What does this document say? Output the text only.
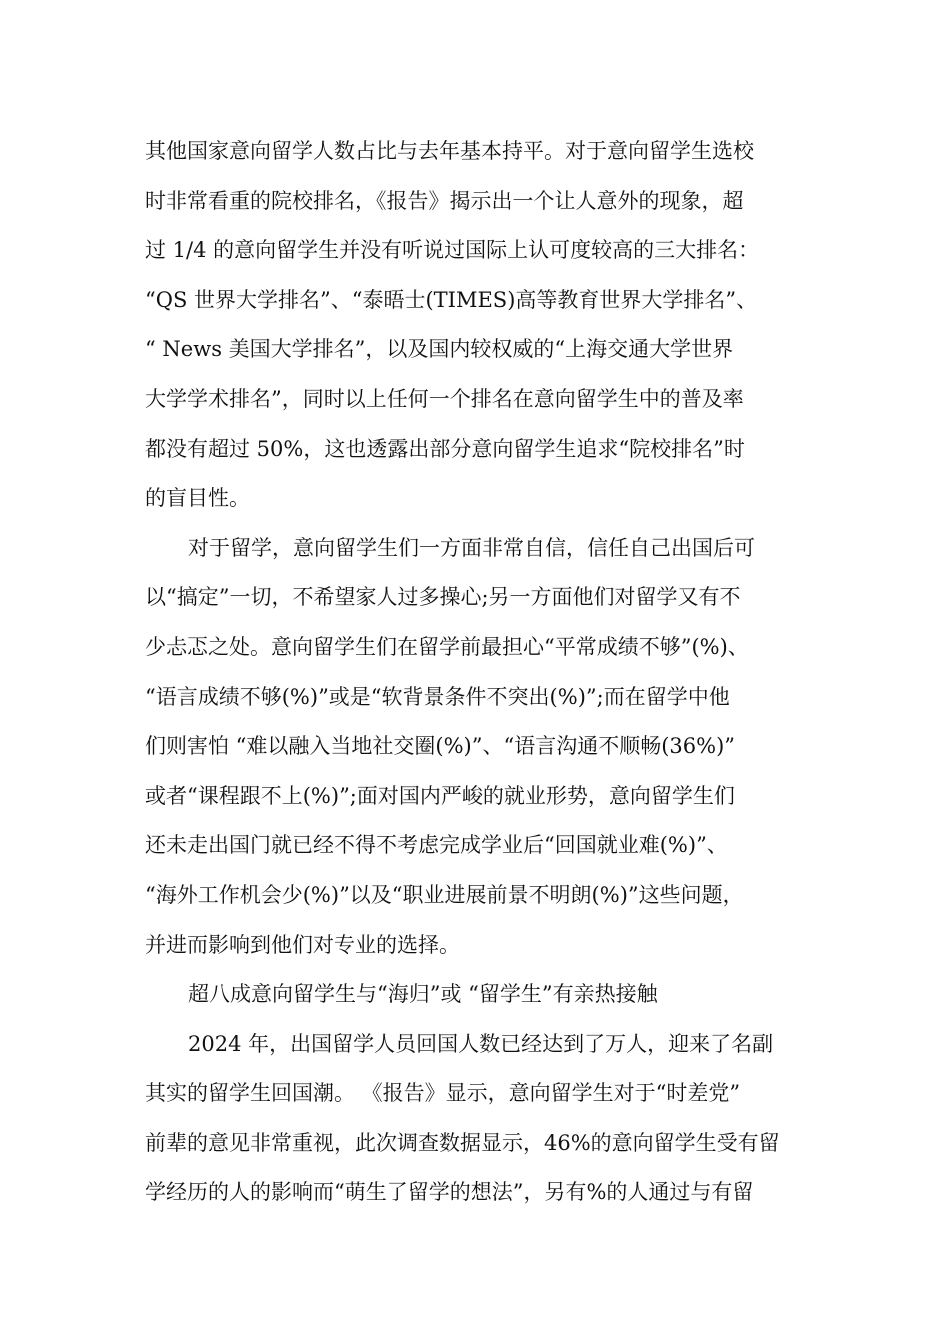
其他国家意向留学人数占比与去年基本持平。对于意向留学生选校
时非常看重的院校排名，《报告》揭示出一个让人意外的现象，超
过 1/4 的意向留学生并没有听说过国际上认可度较高的三大排名：
“QS 世界大学排名”、“泰晤士(TIMES)高等教育世界大学排名”、
“ News 美国大学排名”，以及国内较权威的“上海交通大学世界
大学学术排名”，同时以上任何一个排名在意向留学生中的普及率
都没有超过 50%，这也透露出部分意向留学生追求“院校排名”时
的盲目性。
对于留学，意向留学生们一方面非常自信，信任自己出国后可
以“搞定”一切，不希望家人过多操心;另一方面他们对留学又有不
少忐忑之处。意向留学生们在留学前最担心“平常成绩不够”(%)、
“语言成绩不够(%)”或是“软背景条件不突出(%)”;而在留学中他
们则害怕 “难以融入当地社交圈(%)”、“语言沟通不顺畅(36%)”
或者“课程跟不上(%)”;面对国内严峻的就业形势，意向留学生们
还未走出国门就已经不得不考虑完成学业后“回国就业难(%)”、
“海外工作机会少(%)”以及“职业进展前景不明朗(%)”这些问题，
并进而影响到他们对专业的选择。
超八成意向留学生与“海归”或 “留学生”有亲热接触
2024 年，出国留学人员回国人数已经达到了万人，迎来了名副
其实的留学生回国潮。 《报告》显示，意向留学生对于“时差党”
前辈的意见非常重视，此次调查数据显示，46%的意向留学生受有留
学经历的人的影响而“萌生了留学的想法”，另有%的人通过与有留
